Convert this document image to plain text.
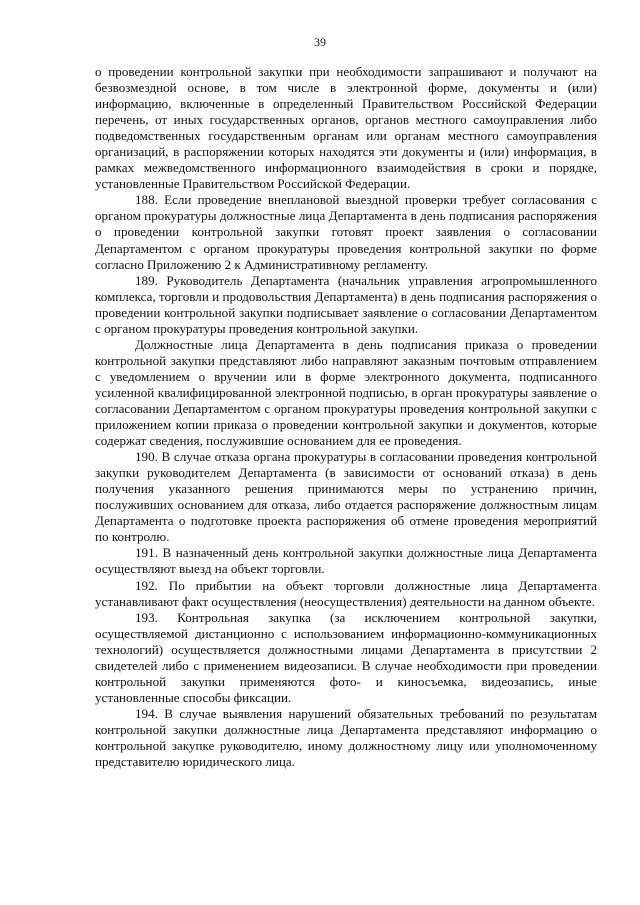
39

о проведении контрольной закупки при необходимости запрашивают и получают на безвозмездной основе, в том числе в электронной форме, документы и (или) информацию, включенные в определенный Правительством Российской Федерации перечень, от иных государственных органов, органов местного самоуправления либо подведомственных государственным органам или органам местного самоуправления организаций, в распоряжении которых находятся эти документы и (или) информация, в рамках межведомственного информационного взаимодействия в сроки и порядке, установленные Правительством Российской Федерации.

188. Если проведение внеплановой выездной проверки требует согласования с органом прокуратуры должностные лица Департамента в день подписания распоряжения о проведении контрольной закупки готовят проект заявления о согласовании Департаментом с органом прокуратуры проведения контрольной закупки по форме согласно Приложению 2 к Административному регламенту.

189. Руководитель Департамента (начальник управления агропромышленного комплекса, торговли и продовольствия Департамента) в день подписания распоряжения о проведении контрольной закупки подписывает заявление о согласовании Департаментом с органом прокуратуры проведения контрольной закупки.

Должностные лица Департамента в день подписания приказа о проведении контрольной закупки представляют либо направляют заказным почтовым отправлением с уведомлением о вручении или в форме электронного документа, подписанного усиленной квалифицированной электронной подписью, в орган прокуратуры заявление о согласовании Департаментом с органом прокуратуры проведения контрольной закупки с приложением копии приказа о проведении контрольной закупки и документов, которые содержат сведения, послужившие основанием для ее проведения.

190. В случае отказа органа прокуратуры в согласовании проведения контрольной закупки руководителем Департамента (в зависимости от оснований отказа) в день получения указанного решения принимаются меры по устранению причин, послуживших основанием для отказа, либо отдается распоряжение должностным лицам Департамента о подготовке проекта распоряжения об отмене проведения мероприятий по контролю.

191. В назначенный день контрольной закупки должностные лица Департамента осуществляют выезд на объект торговли.

192. По прибытии на объект торговли должностные лица Департамента устанавливают факт осуществления (неосуществления) деятельности на данном объекте.

193. Контрольная закупка (за исключением контрольной закупки, осуществляемой дистанционно с использованием информационно-коммуникационных технологий) осуществляется должностными лицами Департамента в присутствии 2 свидетелей либо с применением видеозаписи. В случае необходимости при проведении контрольной закупки применяются фото- и киносъемка, видеозапись, иные установленные способы фиксации.

194. В случае выявления нарушений обязательных требований по результатам контрольной закупки должностные лица Департамента представляют информацию о контрольной закупке руководителю, иному должностному лицу или уполномоченному представителю юридического лица.
